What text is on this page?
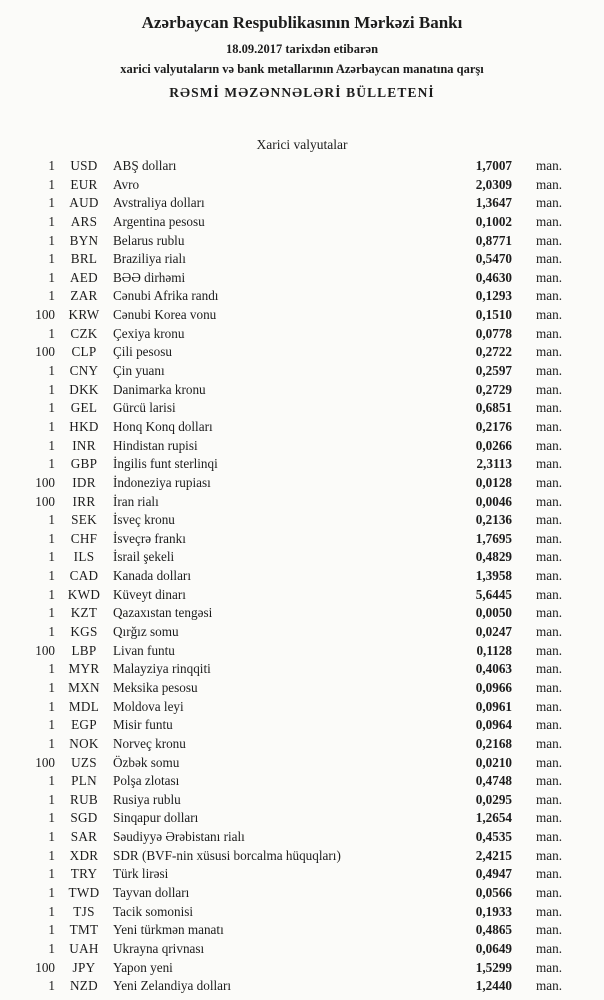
Azərbaycan Respublikasının Mərkəzi Bankı
18.09.2017 tarixdən etibarən
xarici valyutaların və bank metallarının Azərbaycan manatına qarşı
RƏSMİ MƏZƏNNƏLƏRİ BÜLLETENİ
Xarici valyutalar
1	USD	ABŞ dolları	1,7007	man.
1	EUR	Avro	2,0309	man.
1	AUD	Avstraliya dolları	1,3647	man.
1	ARS	Argentina pesosu	0,1002	man.
1	BYN	Belarus rublu	0,8771	man.
1	BRL	Braziliya rialı	0,5470	man.
1	AED	BƏƏ dirhəmi	0,4630	man.
1	ZAR	Cənubi Afrika randı	0,1293	man.
100	KRW	Cənubi Korea vonu	0,1510	man.
1	CZK	Çexiya kronu	0,0778	man.
100	CLP	Çili pesosu	0,2722	man.
1	CNY	Çin yuanı	0,2597	man.
1	DKK	Danimarka kronu	0,2729	man.
1	GEL	Gürcü larisi	0,6851	man.
1	HKD	Honq Konq dolları	0,2176	man.
1	INR	Hindistan rupisi	0,0266	man.
1	GBP	İngilis funt sterlinqi	2,3113	man.
100	IDR	İndoneziya rupiası	0,0128	man.
100	IRR	İran rialı	0,0046	man.
1	SEK	İsveç kronu	0,2136	man.
1	CHF	İsveçrə frankı	1,7695	man.
1	ILS	İsrail şekeli	0,4829	man.
1	CAD	Kanada dolları	1,3958	man.
1 KWD Küveyt dinarı	5,6445	man.
1	KZT	Qazaxıstan tengəsi	0,0050	man.
1	KGS	Qırğız somu	0,0247	man.
100	LBP	Livan funtu	0,1128	man.
1	MYR	Malayziya rinqqiti	0,4063	man.
1 MXN Meksika pesosu	0,0966	man.
1	MDL	Moldova leyi	0,0961	man.
1	EGP	Misir funtu	0,0964	man.
1	NOK	Norveç kronu	0,2168	man.
100	UZS	Özbək somu	0,0210	man.
1	PLN	Polşa zlotası	0,4748	man.
1	RUB	Rusiya rublu	0,0295	man.
1	SGD	Sinqapur dolları	1,2654	man.
1	SAR	Səudiyyə Ərəbistanı rialı	0,4535	man.
1	XDR	SDR (BVF-nin xüsusi borcalma hüquqları)	2,4215	man.
1	TRY	Türk lirəsi	0,4947	man.
1	TWD	Tayvan dolları	0,0566	man.
1	TJS	Tacik somonisi	0,1933	man.
1	TMT	Yeni türkmən manatı	0,4865	man.
1	UAH	Ukrayna qrivnası	0,0649	man.
100	JPY	Yapon yeni	1,5299	man.
1	NZD	Yeni Zelandiya dolları	1,2440	man.
